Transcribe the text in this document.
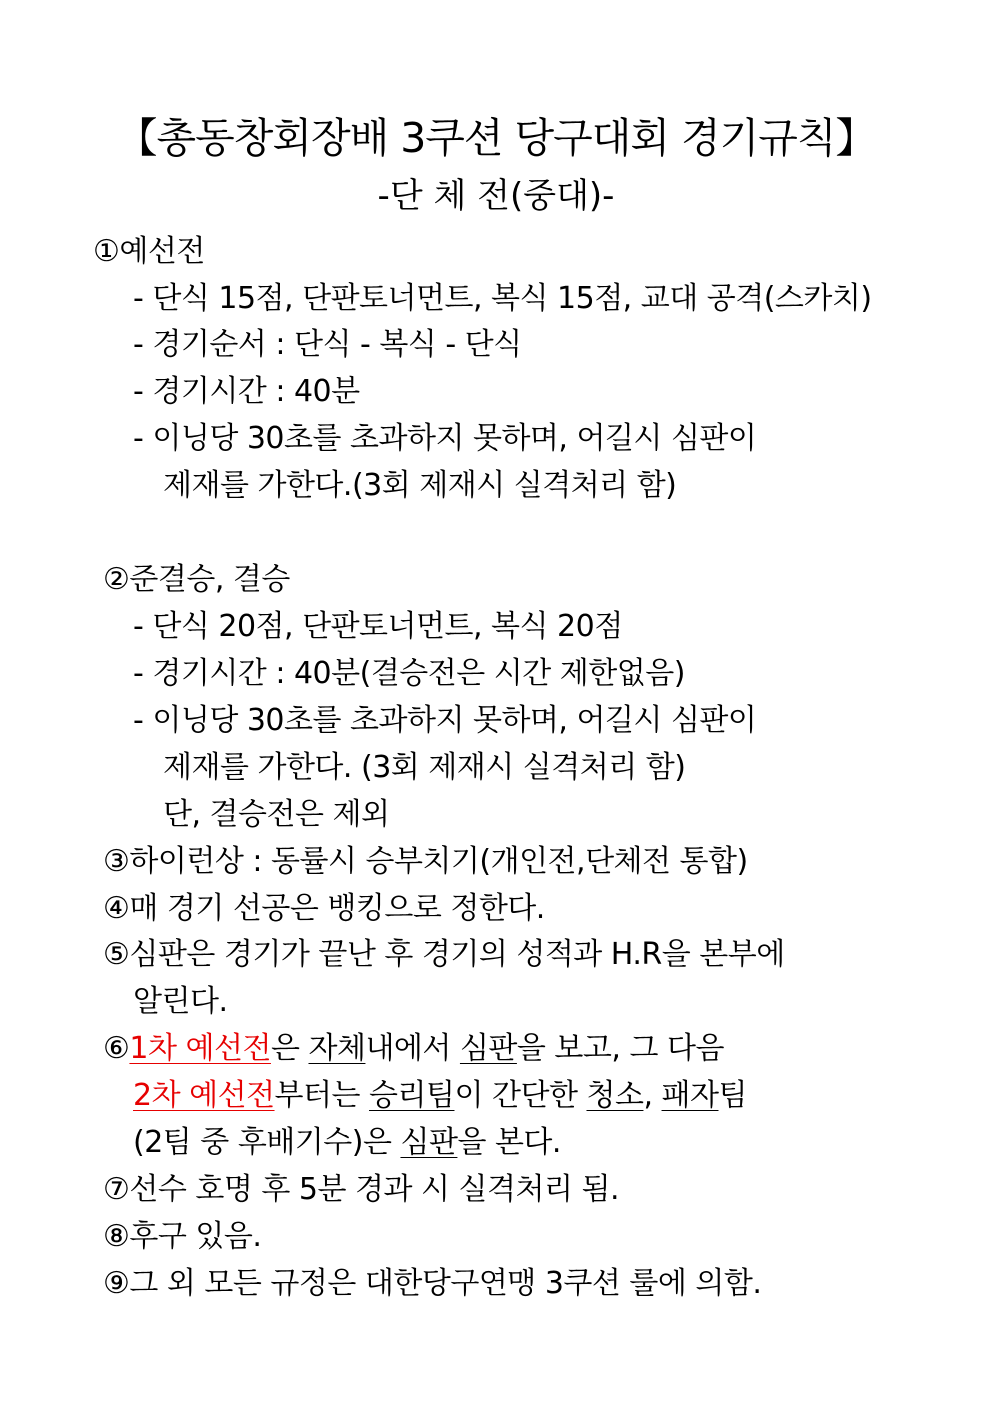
【총동창회장배 3쿠션 당구대회 경기규칙】
-단 체 전(중대)-
①예선전
- 단식 15점, 단판토너먼트, 복식 15점, 교대 공격(스카치)
- 경기순서 : 단식 - 복식 - 단식
- 경기시간 : 40분
- 이닝당 30초를 초과하지 못하며, 어길시 심판이
제재를 가한다.(3회 제재시 실격처리 함)
②준결승, 결승
- 단식 20점, 단판토너먼트, 복식 20점
- 경기시간 : 40분(결승전은 시간 제한없음)
- 이닝당 30초를 초과하지 못하며, 어길시 심판이
제재를 가한다. (3회 제재시 실격처리 함)
단, 결승전은 제외
③하이런상 : 동률시 승부치기(개인전,단체전 통합)
④매 경기 선공은 뱅킹으로 정한다.
⑤심판은 경기가 끝난 후 경기의 성적과 H.R을 본부에
알린다.
⑥1차 예선전은 자체내에서 심판을 보고, 그 다음
2차 예선전부터는 승리팀이 간단한 청소, 패자팀
(2팀 중 후배기수)은 심판을 본다.
⑦선수 호명 후 5분 경과 시 실격처리 됨.
⑧후구 있음.
⑨그 외 모든 규정은 대한당구연맹 3쿠션 룰에 의함.
